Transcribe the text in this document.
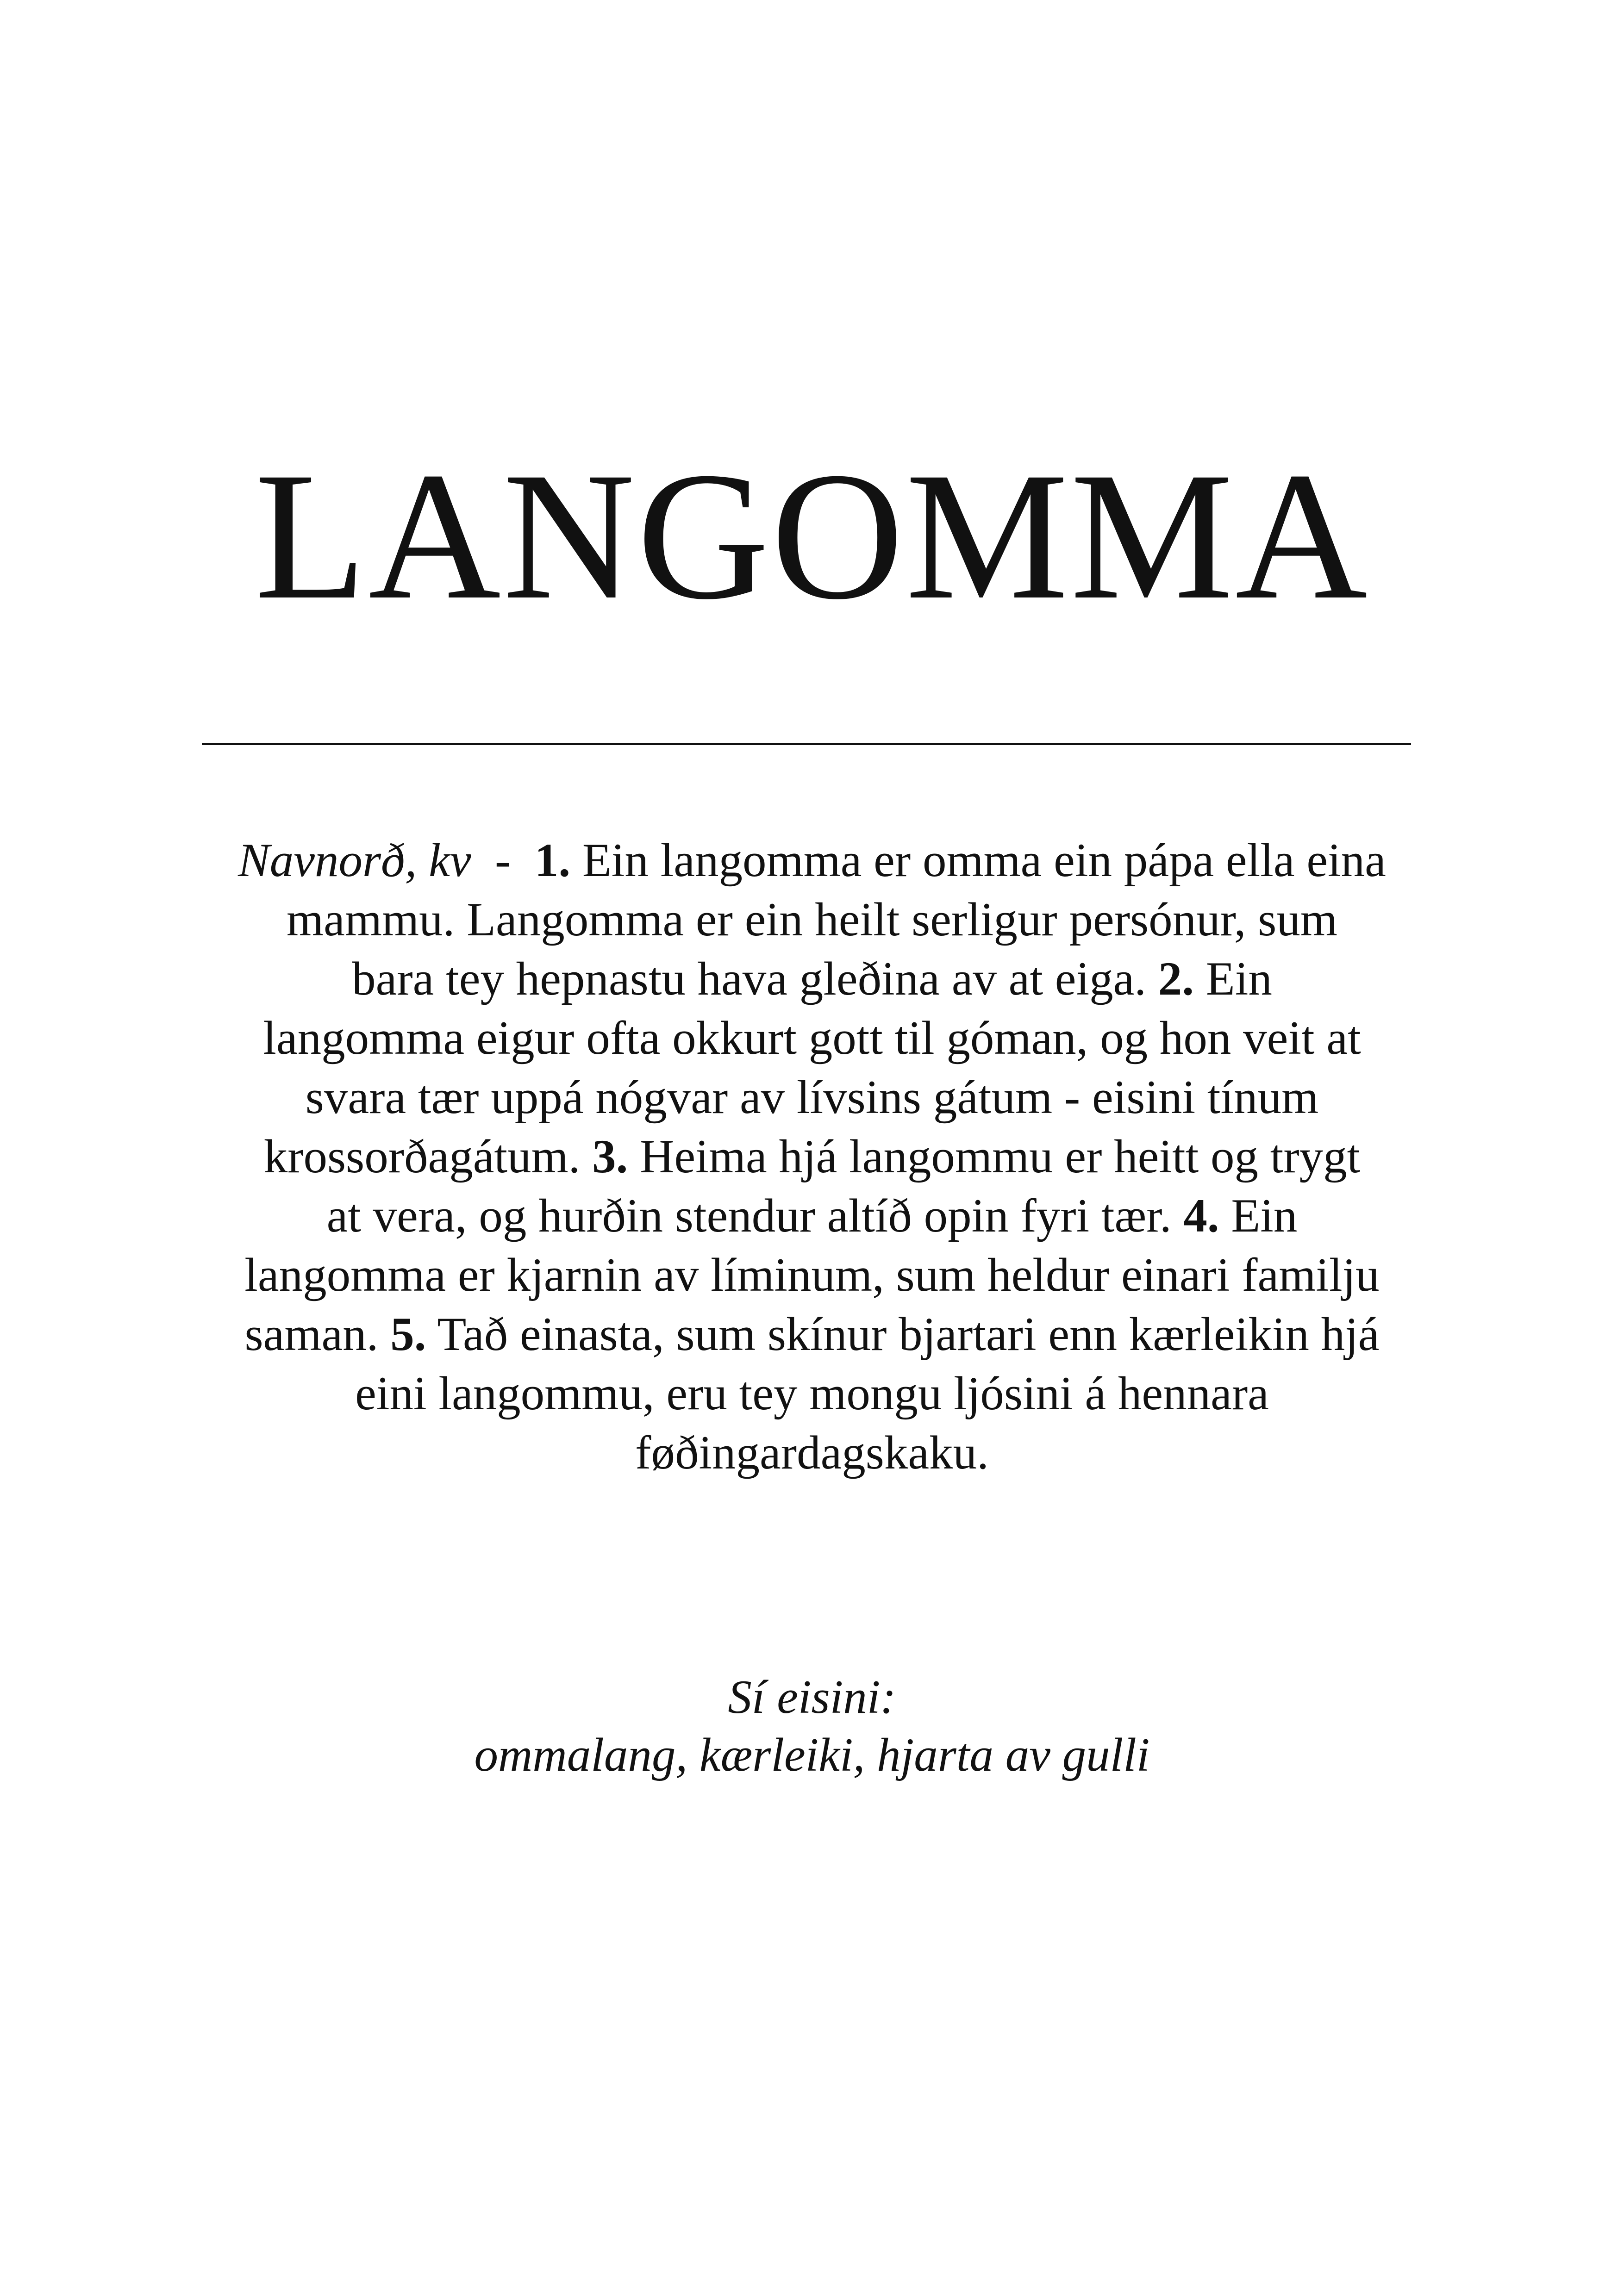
LANGOMMA

Navnorð, kv  -  1. Ein langomma er omma ein pápa ella eina
mammu. Langomma er ein heilt serligur persónur, sum
bara tey hepnastu hava gleðina av at eiga. 2. Ein
langomma eigur ofta okkurt gott til góman, og hon veit at
svara tær uppá nógvar av lívsins gátum - eisini tínum
krossorðagátum. 3. Heima hjá langommu er heitt og trygt
at vera, og hurðin stendur altíð opin fyri tær. 4. Ein
langomma er kjarnin av líminum, sum heldur einari familju
saman. 5. Tað einasta, sum skínur bjartari enn kærleikin hjá
eini langommu, eru tey mongu ljósini á hennara
føðingardagskaku.

Sí eisini:
ommalang, kærleiki, hjarta av gulli
